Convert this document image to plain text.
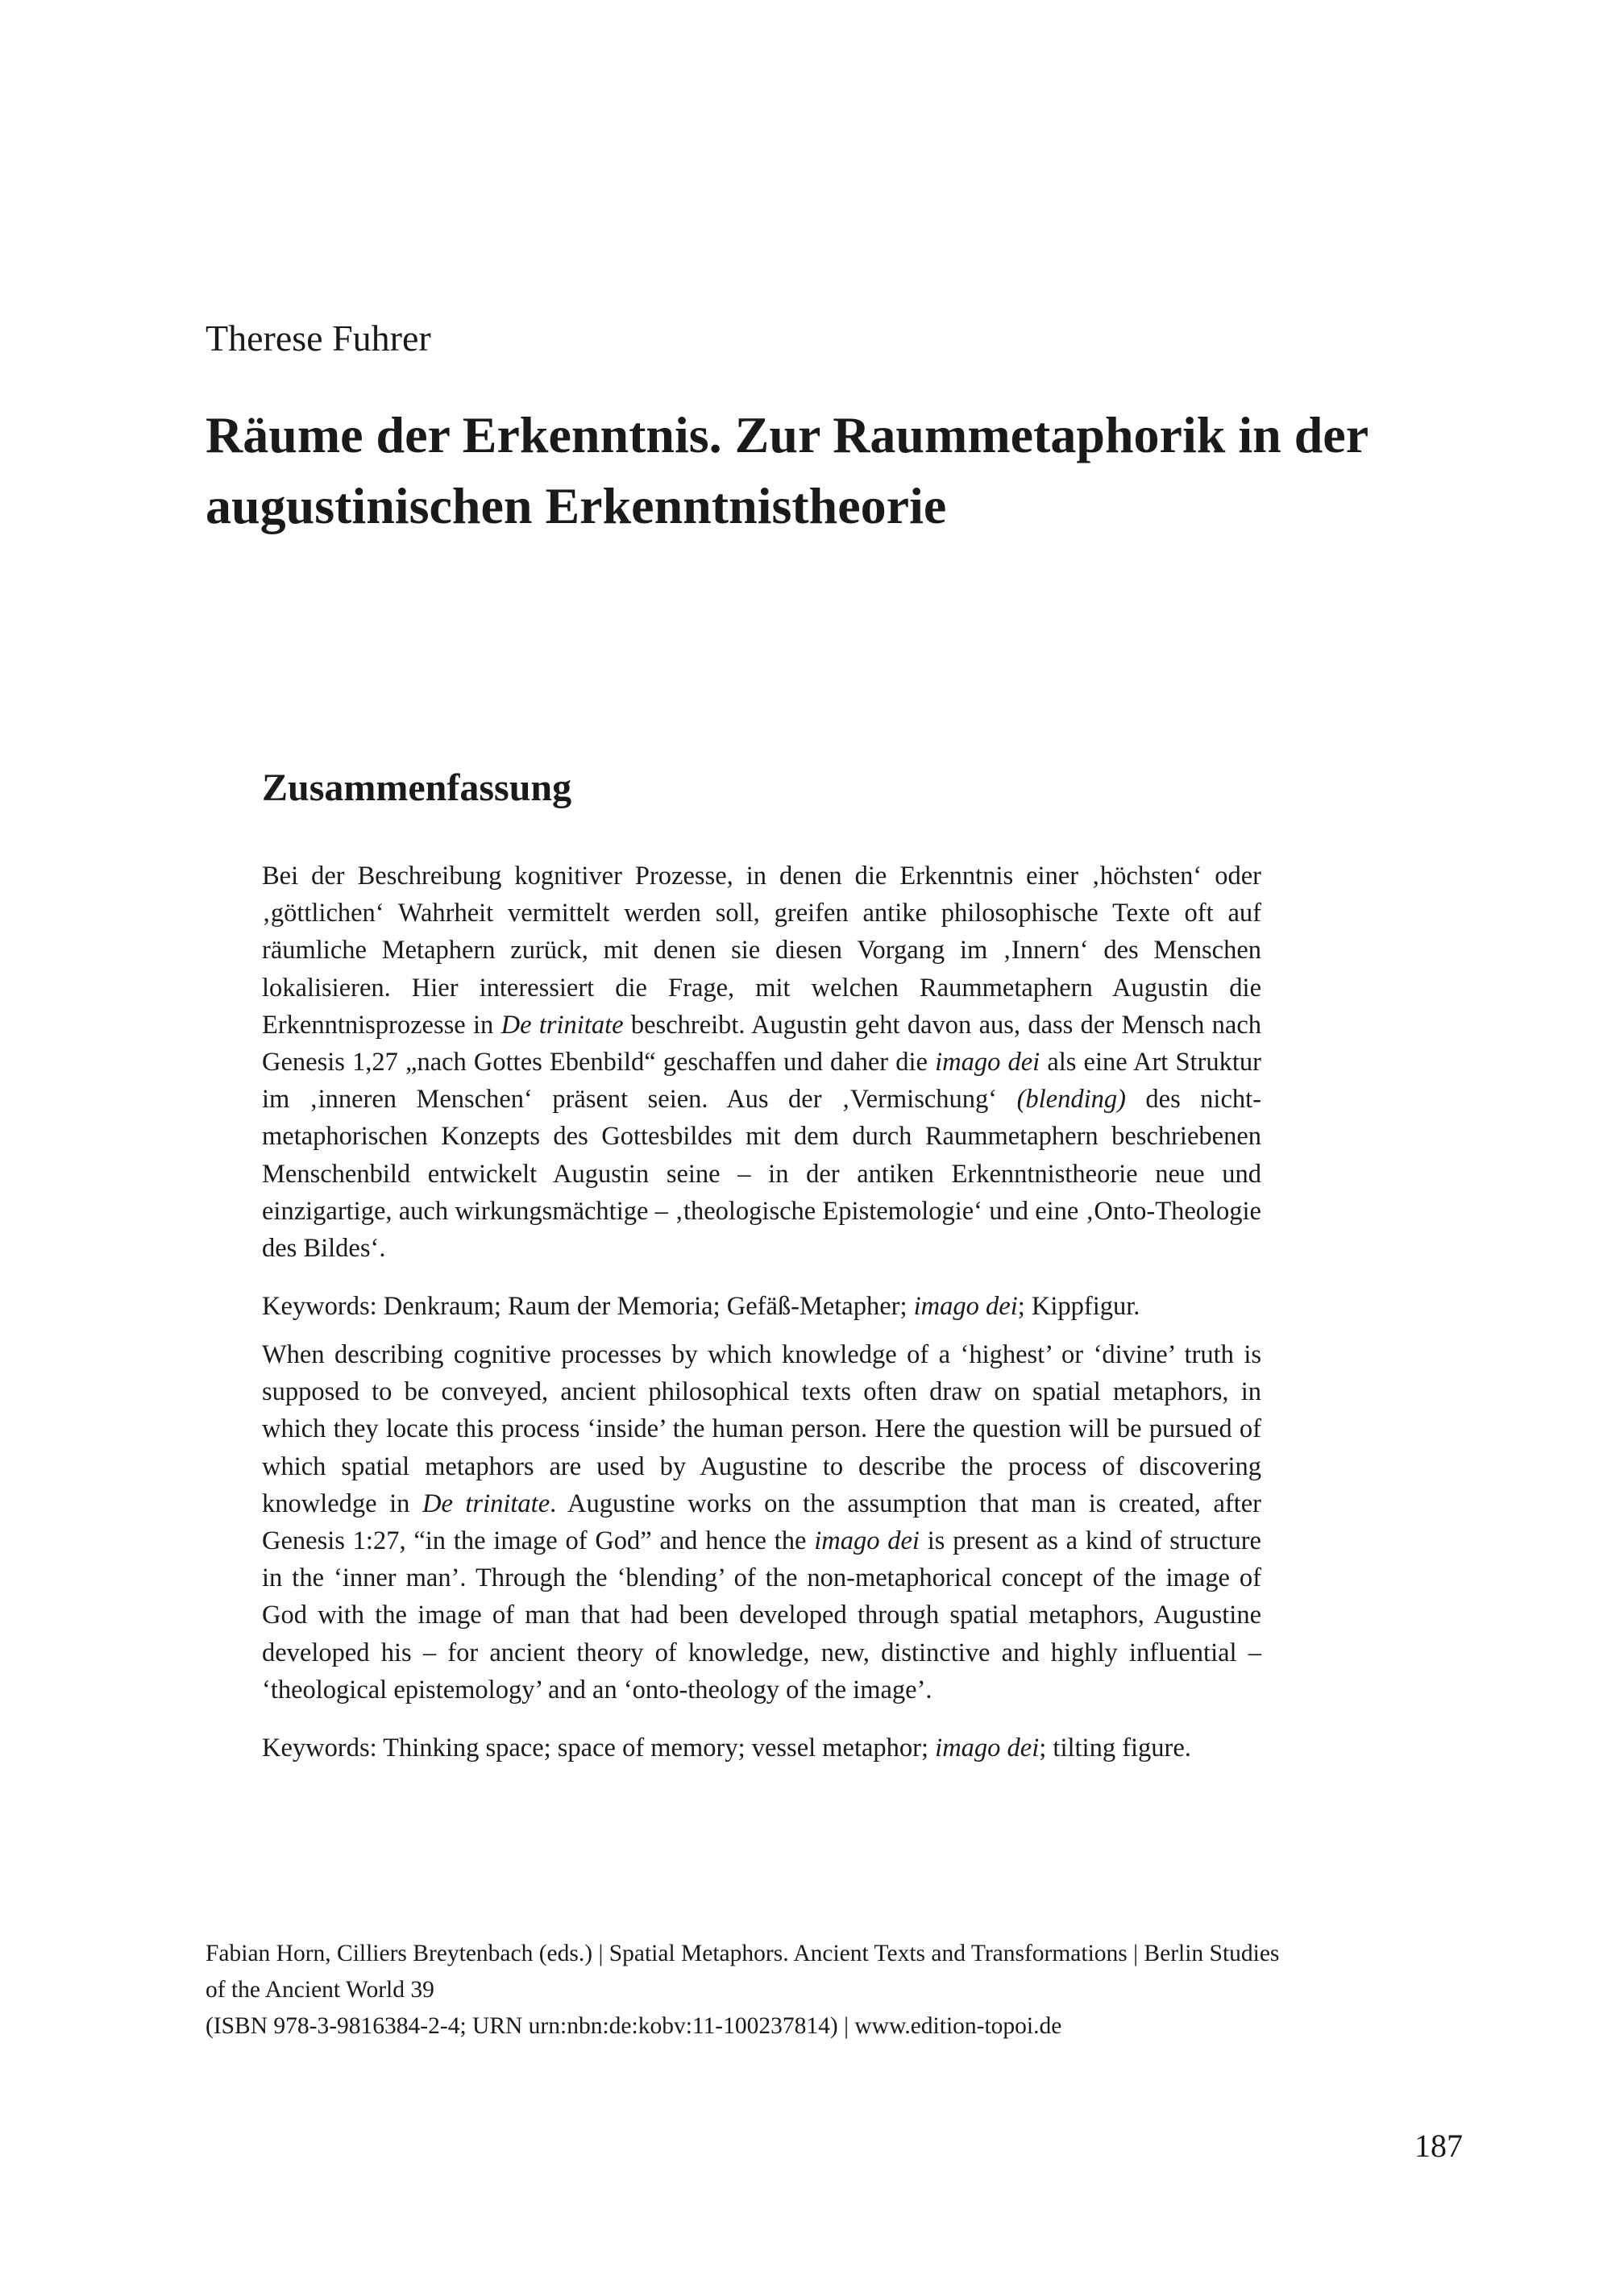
Therese Fuhrer
Räume der Erkenntnis. Zur Raummetaphorik in der augustinischen Erkenntnistheorie
Zusammenfassung

Bei der Beschreibung kognitiver Prozesse, in denen die Erkenntnis einer ‚höchsten‘ oder ‚göttlichen‘ Wahrheit vermittelt werden soll, greifen antike philosophische Texte oft auf räumliche Metaphern zurück, mit denen sie diesen Vorgang im ‚Innern‘ des Menschen lokalisieren. Hier interessiert die Frage, mit welchen Raummetaphern Augustin die Erkenntnisprozesse in De trinitate beschreibt. Augustin geht davon aus, dass der Mensch nach Genesis 1,27 „nach Gottes Ebenbild“ geschaffen und daher die imago dei als eine Art Struktur im ‚inneren Menschen‘ präsent seien. Aus der ‚Vermischung‘ (blending) des nicht-metaphorischen Konzepts des Gottesbildes mit dem durch Raummetaphern beschriebenen Menschenbild entwickelt Augustin seine – in der antiken Erkenntnistheorie neue und einzigartige, auch wirkungsmächtige – ‚theologische Epistemologie‘ und eine ‚Onto-Theologie des Bildes‘.

Keywords: Denkraum; Raum der Memoria; Gefäß-Metapher; imago dei; Kippfigur.

When describing cognitive processes by which knowledge of a ‘highest’ or ‘divine’ truth is supposed to be conveyed, ancient philosophical texts often draw on spatial metaphors, in which they locate this process ‘inside’ the human person. Here the question will be pursued of which spatial metaphors are used by Augustine to describe the process of discovering knowledge in De trinitate. Augustine works on the assumption that man is created, after Genesis 1:27, “in the image of God” and hence the imago dei is present as a kind of structure in the ‘inner man’. Through the ‘blending’ of the non-metaphorical concept of the image of God with the image of man that had been developed through spatial metaphors, Augustine developed his – for ancient theory of knowledge, new, distinctive and highly influential – ‘theological epistemology’ and an ‘onto-theology of the image’.

Keywords: Thinking space; space of memory; vessel metaphor; imago dei; tilting figure.

Fabian Horn, Cilliers Breytenbach (eds.) | Spatial Metaphors. Ancient Texts and Transformations | Berlin Studies of the Ancient World 39
(ISBN 978-3-9816384-2-4; URN urn:nbn:de:kobv:11-100237814) | www.edition-topoi.de
187
